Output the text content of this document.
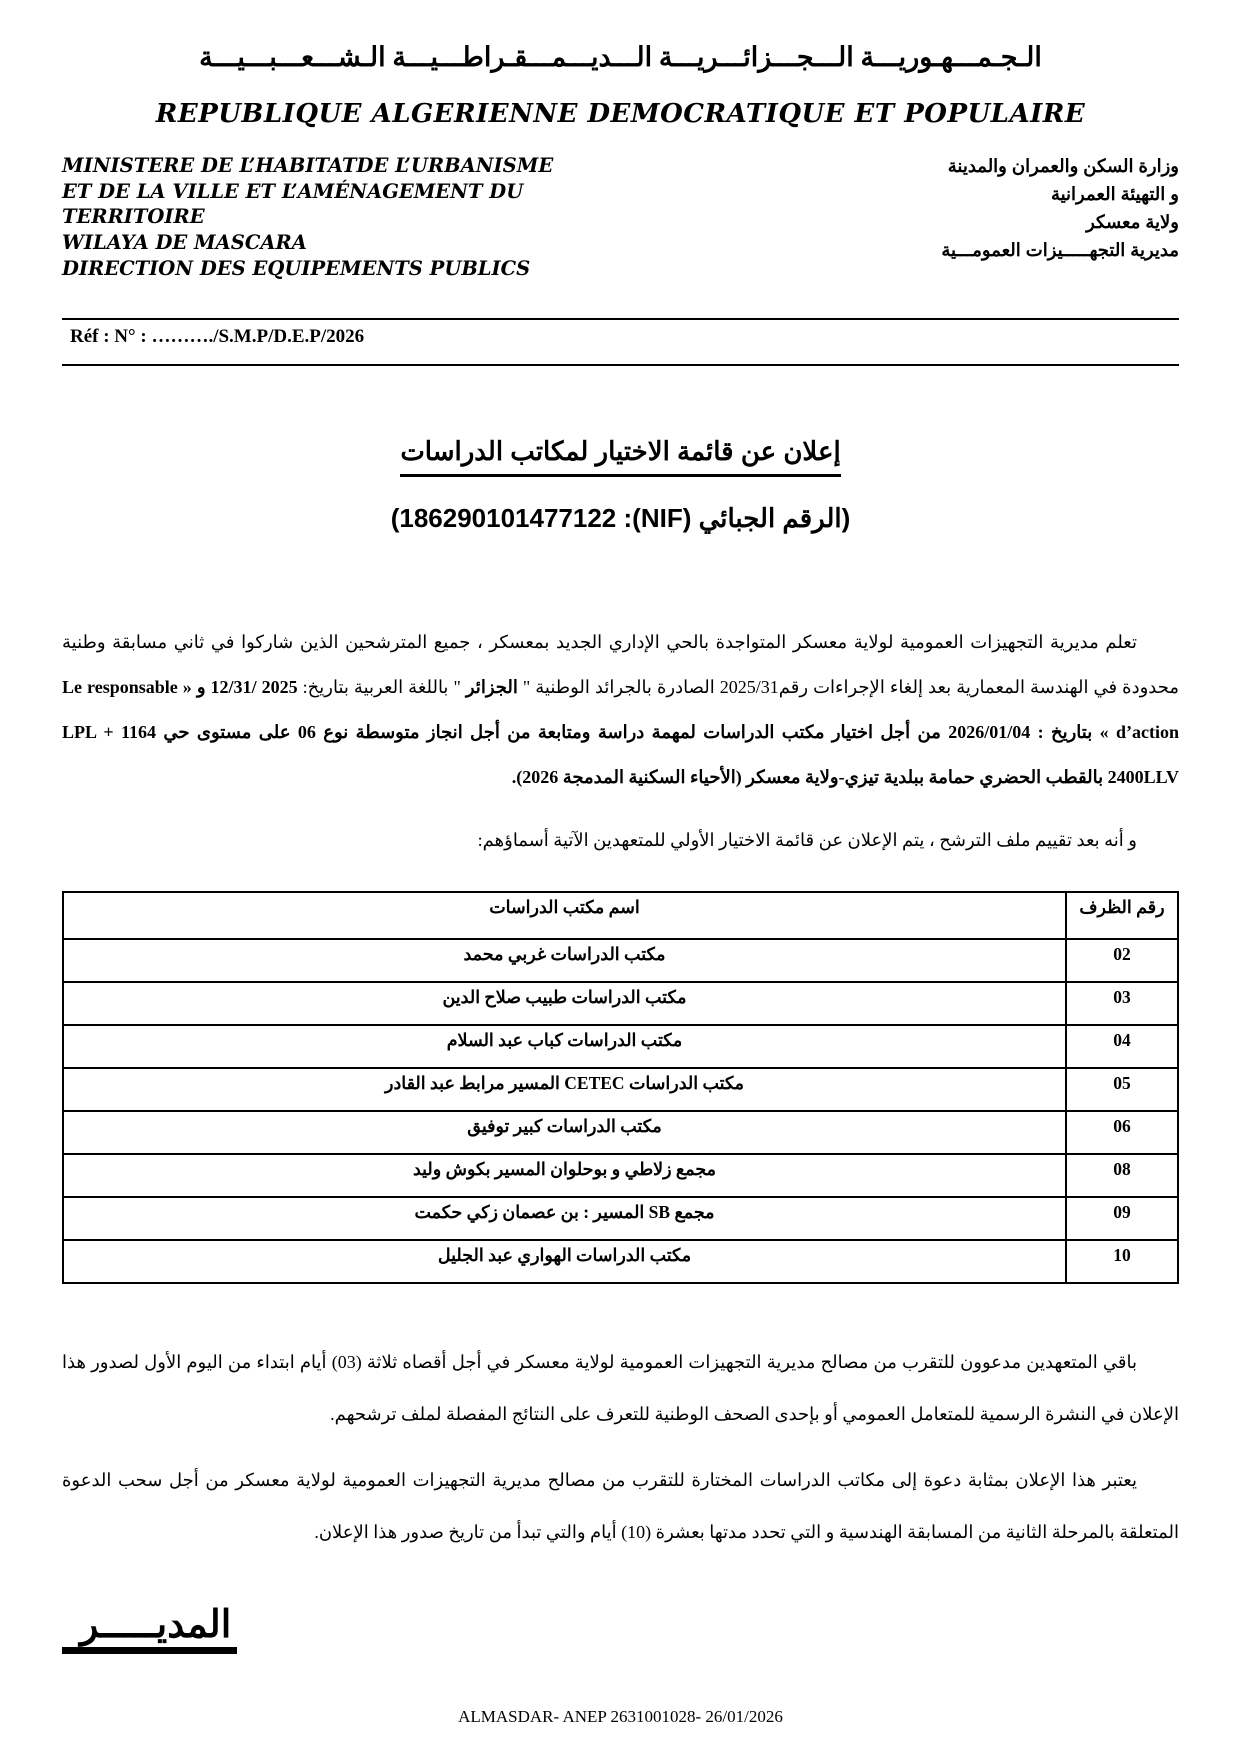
الـجـمـــهـوريـــة الـــجـــزائـــريـــة الـــديـــمـــقـراطـــيـــة الـشـــعـــبـــيـــة
REPUBLIQUE ALGERIENNE DEMOCRATIQUE ET POPULAIRE
MINISTERE DE L’HABITATDE L’URBANISME
ET DE LA VILLE ET L’AMÉNAGEMENT DU
TERRITOIRE
WILAYA DE MASCARA
DIRECTION DES EQUIPEMENTS PUBLICS
وزارة السكن والعمران والمدينة
و التهيئة العمرانية
ولاية معسكر
مديرية التجهـــــيزات العمومـــية
Réf : N° : ………./S.M.P/D.E.P/2026
إعلان عن قائمة الاختيار لمكاتب الدراسات
(الرقم الجبائي (NIF): 186290101477122)

تعلم مديرية التجهيزات العمومية لولاية معسكر المتواجدة بالحي الإداري الجديد بمعسكر ، جميع المترشحين الذين شاركوا في ثاني مسابقة وطنية محدودة في الهندسة المعمارية بعد إلغاء الإجراءات رقم2025/31 الصادرة بالجرائد الوطنية " الجزائر " باللغة العربية بتاريخ: 2025 /12/31 و « Le responsable d’action » بتاريخ : 2026/01/04 من أجل اختيار مكتب الدراسات لمهمة دراسة ومتابعة من أجل انجاز متوسطة نوع 06 على مستوى حي 1164 LPL + 2400LLV بالقطب الحضري حمامة ببلدية تيزي-ولاية معسكر (الأحياء السكنية المدمجة 2026).

و أنه بعد تقييم ملف الترشح ، يتم الإعلان عن قائمة الاختيار الأولي للمتعهدين الآتية أسماؤهم:

رقم الظرف	اسم مكتب الدراسات
02	مكتب الدراسات غربي محمد
03	مكتب الدراسات طبيب صلاح الدين
04	مكتب الدراسات كباب عبد السلام
05	مكتب الدراسات CETEC المسير مرابط عبد القادر
06	مكتب الدراسات كبير توفيق
08	مجمع زلاطي و بوحلوان المسير بكوش وليد
09	مجمع SB المسير : بن عصمان زكي حكمت
10	مكتب الدراسات الهواري عبد الجليل

باقي المتعهدين مدعوون للتقرب من مصالح مديرية التجهيزات العمومية لولاية معسكر في أجل أقصاه ثلاثة (03) أيام ابتداء من اليوم الأول لصدور هذا الإعلان في النشرة الرسمية للمتعامل العمومي أو بإحدى الصحف الوطنية للتعرف على النتائج المفصلة لملف ترشحهم.

يعتبر هذا الإعلان بمثابة دعوة إلى مكاتب الدراسات المختارة للتقرب من مصالح مديرية التجهيزات العمومية لولاية معسكر من أجل سحب الدعوة المتعلقة بالمرحلة الثانية من المسابقة الهندسية و التي تحدد مدتها بعشرة (10) أيام والتي تبدأ من تاريخ صدور هذا الإعلان.

المديـــــر
ALMASDAR- ANEP 2631001028- 26/01/2026
